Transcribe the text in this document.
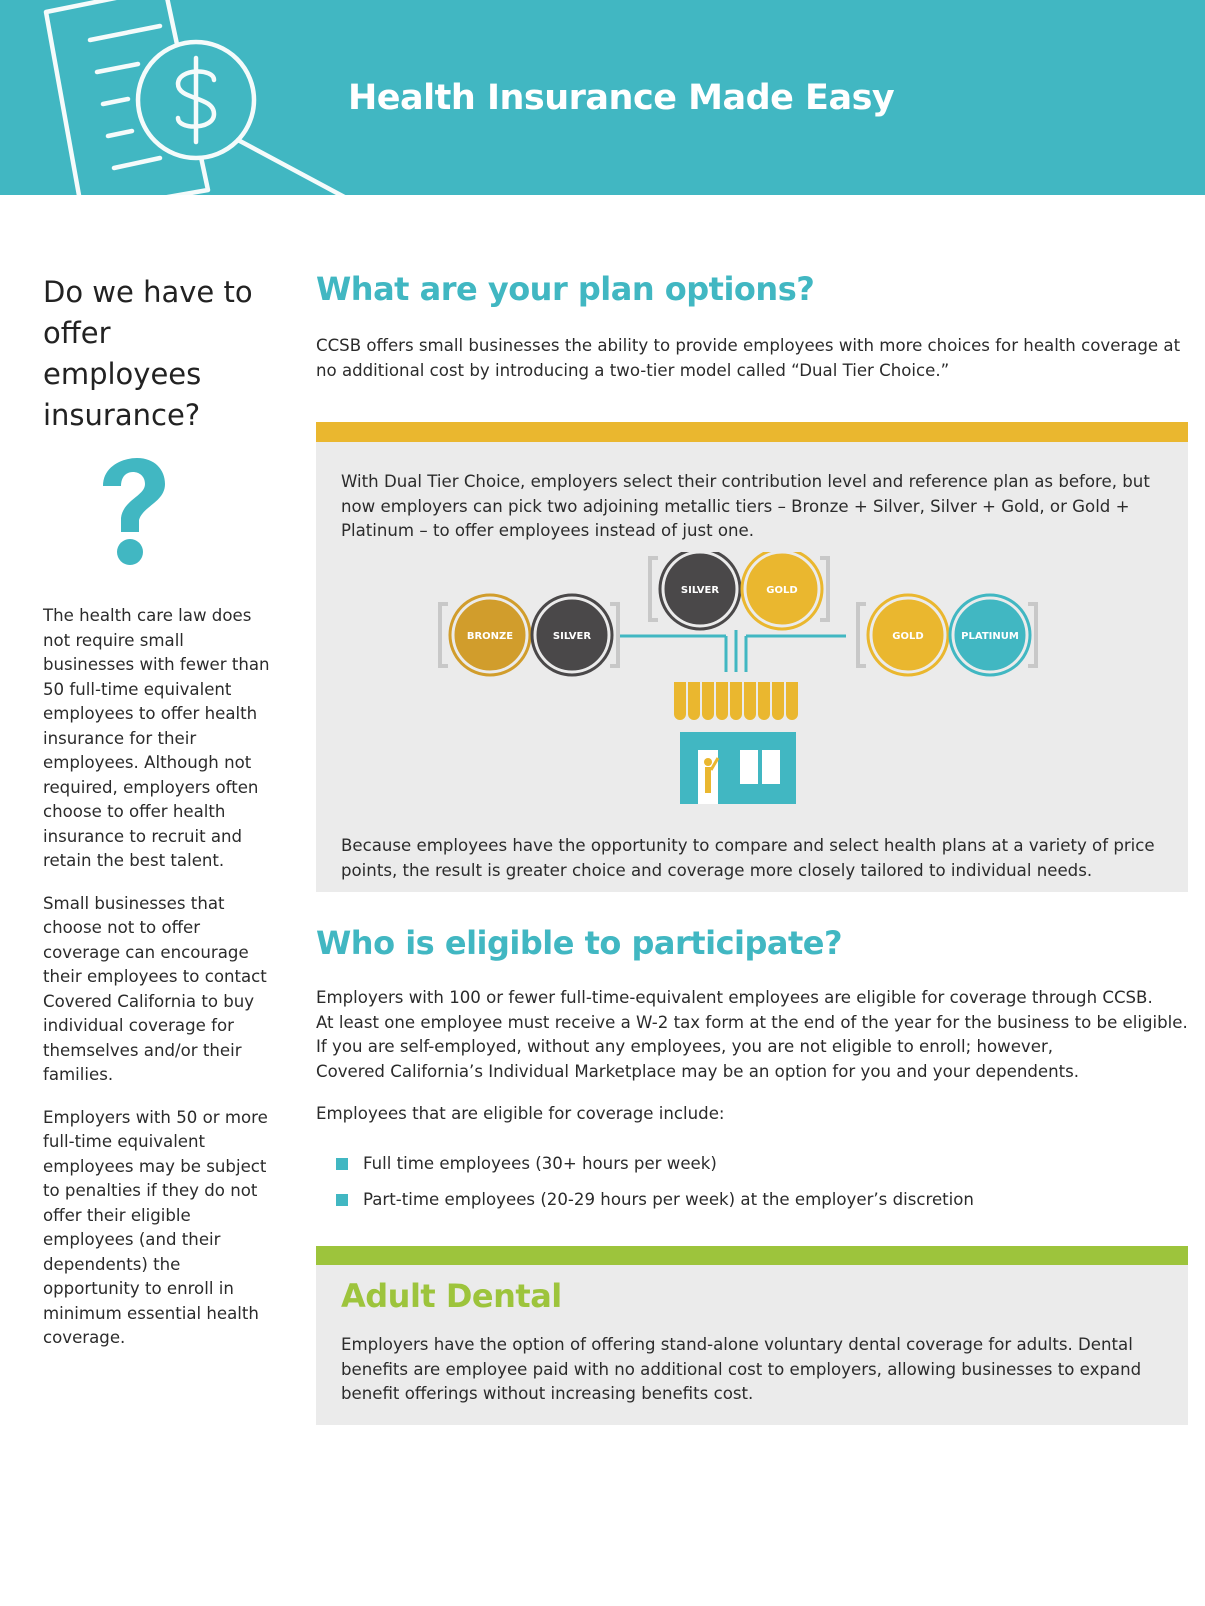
Health Insurance Made Easy
Do we have to offer employees insurance?

The health care law does not require small businesses with fewer than 50 full-time equivalent employees to offer health insurance for their employees. Although not required, employers often choose to offer health insurance to recruit and retain the best talent.

Small businesses that choose not to offer coverage can encourage their employees to contact Covered California to buy individual coverage for themselves and/or their families.

Employers with 50 or more full-time equivalent employees may be subject to penalties if they do not offer their eligible employees (and their dependents) the opportunity to enroll in minimum essential health coverage.

What are your plan options?

CCSB offers small businesses the ability to provide employees with more choices for health coverage at no additional cost by introducing a two-tier model called “Dual Tier Choice.”

With Dual Tier Choice, employers select their contribution level and reference plan as before, but now employers can pick two adjoining metallic tiers – Bronze + Silver, Silver + Gold, or Gold + Platinum – to offer employees instead of just one.

BRONZE	SILVER
SILVER	GOLD
GOLD	PLATINUM

Because employees have the opportunity to compare and select health plans at a variety of price points, the result is greater choice and coverage more closely tailored to individual needs.

Who is eligible to participate?
Employers with 100 or fewer full-time-equivalent employees are eligible for coverage through CCSB.
At least one employee must receive a W-2 tax form at the end of the year for the business to be eligible.
If you are self-employed, without any employees, you are not eligible to enroll; however,
Covered California’s Individual Marketplace may be an option for you and your dependents.
Employees that are eligible for coverage include:
Full time employees (30+ hours per week)
Part-time employees (20-29 hours per week) at the employer’s discretion
Adult Dental

Employers have the option of offering stand-alone voluntary dental coverage for adults. Dental benefits are employee paid with no additional cost to employers, allowing businesses to expand benefit offerings without increasing benefits cost.
